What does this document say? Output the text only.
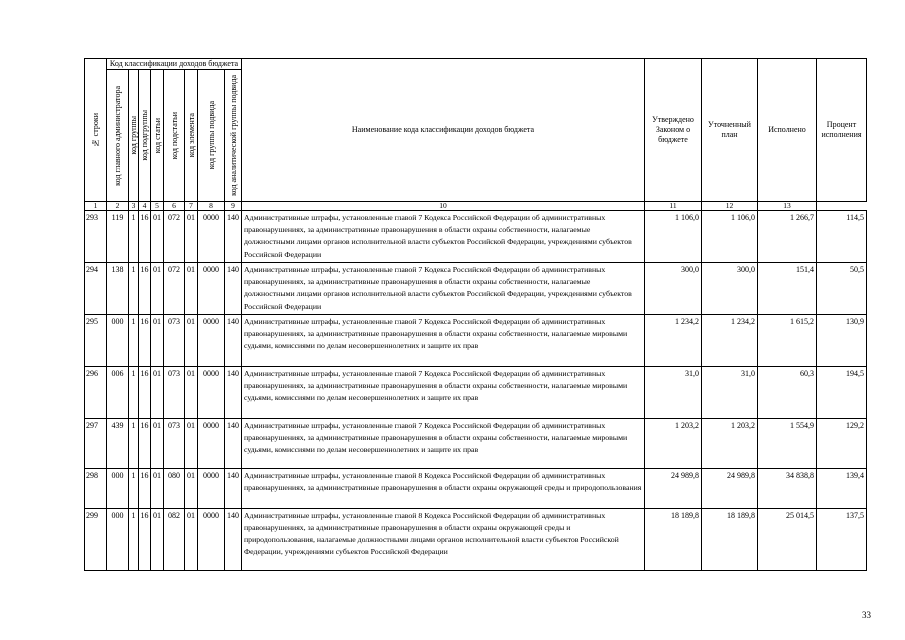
№ строки	Код классификации доходов бюджета								Наименование кода классификации доходов бюджета	Утверждено Законом о бюджете	Уточненный план	Исполнено	Процент исполнения

	код главного администратора	код группы	код подгруппы	код статьи	код подстатьи	код элемента	код группы подвида	код аналитической группы подвида					

1	2	3	4	5	6	7	8	9	10	11	12	13	
293	119	1	16	01	072	01	0000	140	Административные штрафы, установленные главой 7 Кодекса Российской Федерации об административных правонарушениях, за административные правонарушения в области охраны собственности, налагаемые должностными лицами органов исполнительной власти субъектов Российской Федерации, учреждениями субъектов Российской Федерации	1 106,0	1 106,0	1 266,7	114,5
294	138	1	16	01	072	01	0000	140	Административные штрафы, установленные главой 7 Кодекса Российской Федерации об административных правонарушениях, за административные правонарушения в области охраны собственности, налагаемые должностными лицами органов исполнительной власти субъектов Российской Федерации, учреждениями субъектов Российской Федерации	300,0	300,0	151,4	50,5
295	000	1	16	01	073	01	0000	140	Административные штрафы, установленные главой 7 Кодекса Российской Федерации об административных правонарушениях, за административные правонарушения в области охраны собственности, налагаемые мировыми судьями, комиссиями по делам несовершеннолетних и защите их прав	1 234,2	1 234,2	1 615,2	130,9
296	006	1	16	01	073	01	0000	140	Административные штрафы, установленные главой 7 Кодекса Российской Федерации об административных правонарушениях, за административные правонарушения в области охраны собственности, налагаемые мировыми судьями, комиссиями по делам несовершеннолетних и защите их прав	31,0	31,0	60,3	194,5
297	439	1	16	01	073	01	0000	140	Административные штрафы, установленные главой 7 Кодекса Российской Федерации об административных правонарушениях, за административные правонарушения в области охраны собственности, налагаемые мировыми судьями, комиссиями по делам несовершеннолетних и защите их прав	1 203,2	1 203,2	1 554,9	129,2
298	000	1	16	01	080	01	0000	140	Административные штрафы, установленные главой 8 Кодекса Российской Федерации об административных правонарушениях, за административные правонарушения в области охраны окружающей среды и природопользования	24 989,8	24 989,8	34 838,8	139,4
299	000	1	16	01	082	01	0000	140	Административные штрафы, установленные главой 8 Кодекса Российской Федерации об административных правонарушениях, за административные правонарушения в области охраны окружающей среды и природопользования, налагаемые должностными лицами органов исполнительной власти субъектов Российской Федерации, учреждениями субъектов Российской Федерации	18 189,8	18 189,8	25 014,5	137,5
33
